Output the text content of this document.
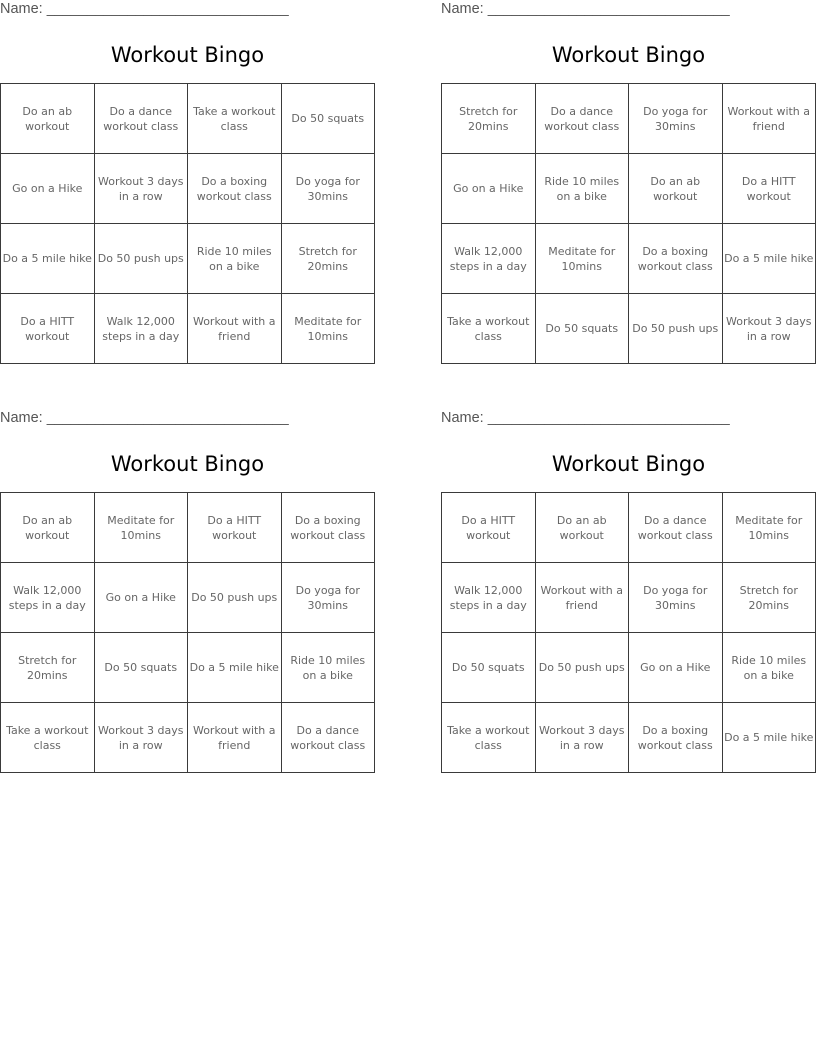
Name: ______________________________
Workout Bingo
Do an ab workout	Do a dance workout class	Take a workout class	Do 50 squats
Go on a Hike	Workout 3 days in a row	Do a boxing workout class	Do yoga for 30mins
Do a 5 mile hike	Do 50 push ups	Ride 10 miles on a bike	Stretch for 20mins
Do a HITT workout	Walk 12,000 steps in a day	Workout with a friend	Meditate for 10mins
Name: ______________________________
Workout Bingo
Stretch for 20mins	Do a dance workout class	Do yoga for 30mins	Workout with a friend
Go on a Hike	Ride 10 miles on a bike	Do an ab workout	Do a HITT workout
Walk 12,000 steps in a day	Meditate for 10mins	Do a boxing workout class	Do a 5 mile hike
Take a workout class	Do 50 squats	Do 50 push ups	Workout 3 days in a row
Name: ______________________________
Workout Bingo
Do an ab workout	Meditate for 10mins	Do a HITT workout	Do a boxing workout class
Walk 12,000 steps in a day	Go on a Hike	Do 50 push ups	Do yoga for 30mins
Stretch for 20mins	Do 50 squats	Do a 5 mile hike	Ride 10 miles on a bike
Take a workout class	Workout 3 days in a row	Workout with a friend	Do a dance workout class
Name: ______________________________
Workout Bingo
Do a HITT workout	Do an ab workout	Do a dance workout class	Meditate for 10mins
Walk 12,000 steps in a day	Workout with a friend	Do yoga for 30mins	Stretch for 20mins
Do 50 squats	Do 50 push ups	Go on a Hike	Ride 10 miles on a bike
Take a workout class	Workout 3 days in a row	Do a boxing workout class	Do a 5 mile hike
